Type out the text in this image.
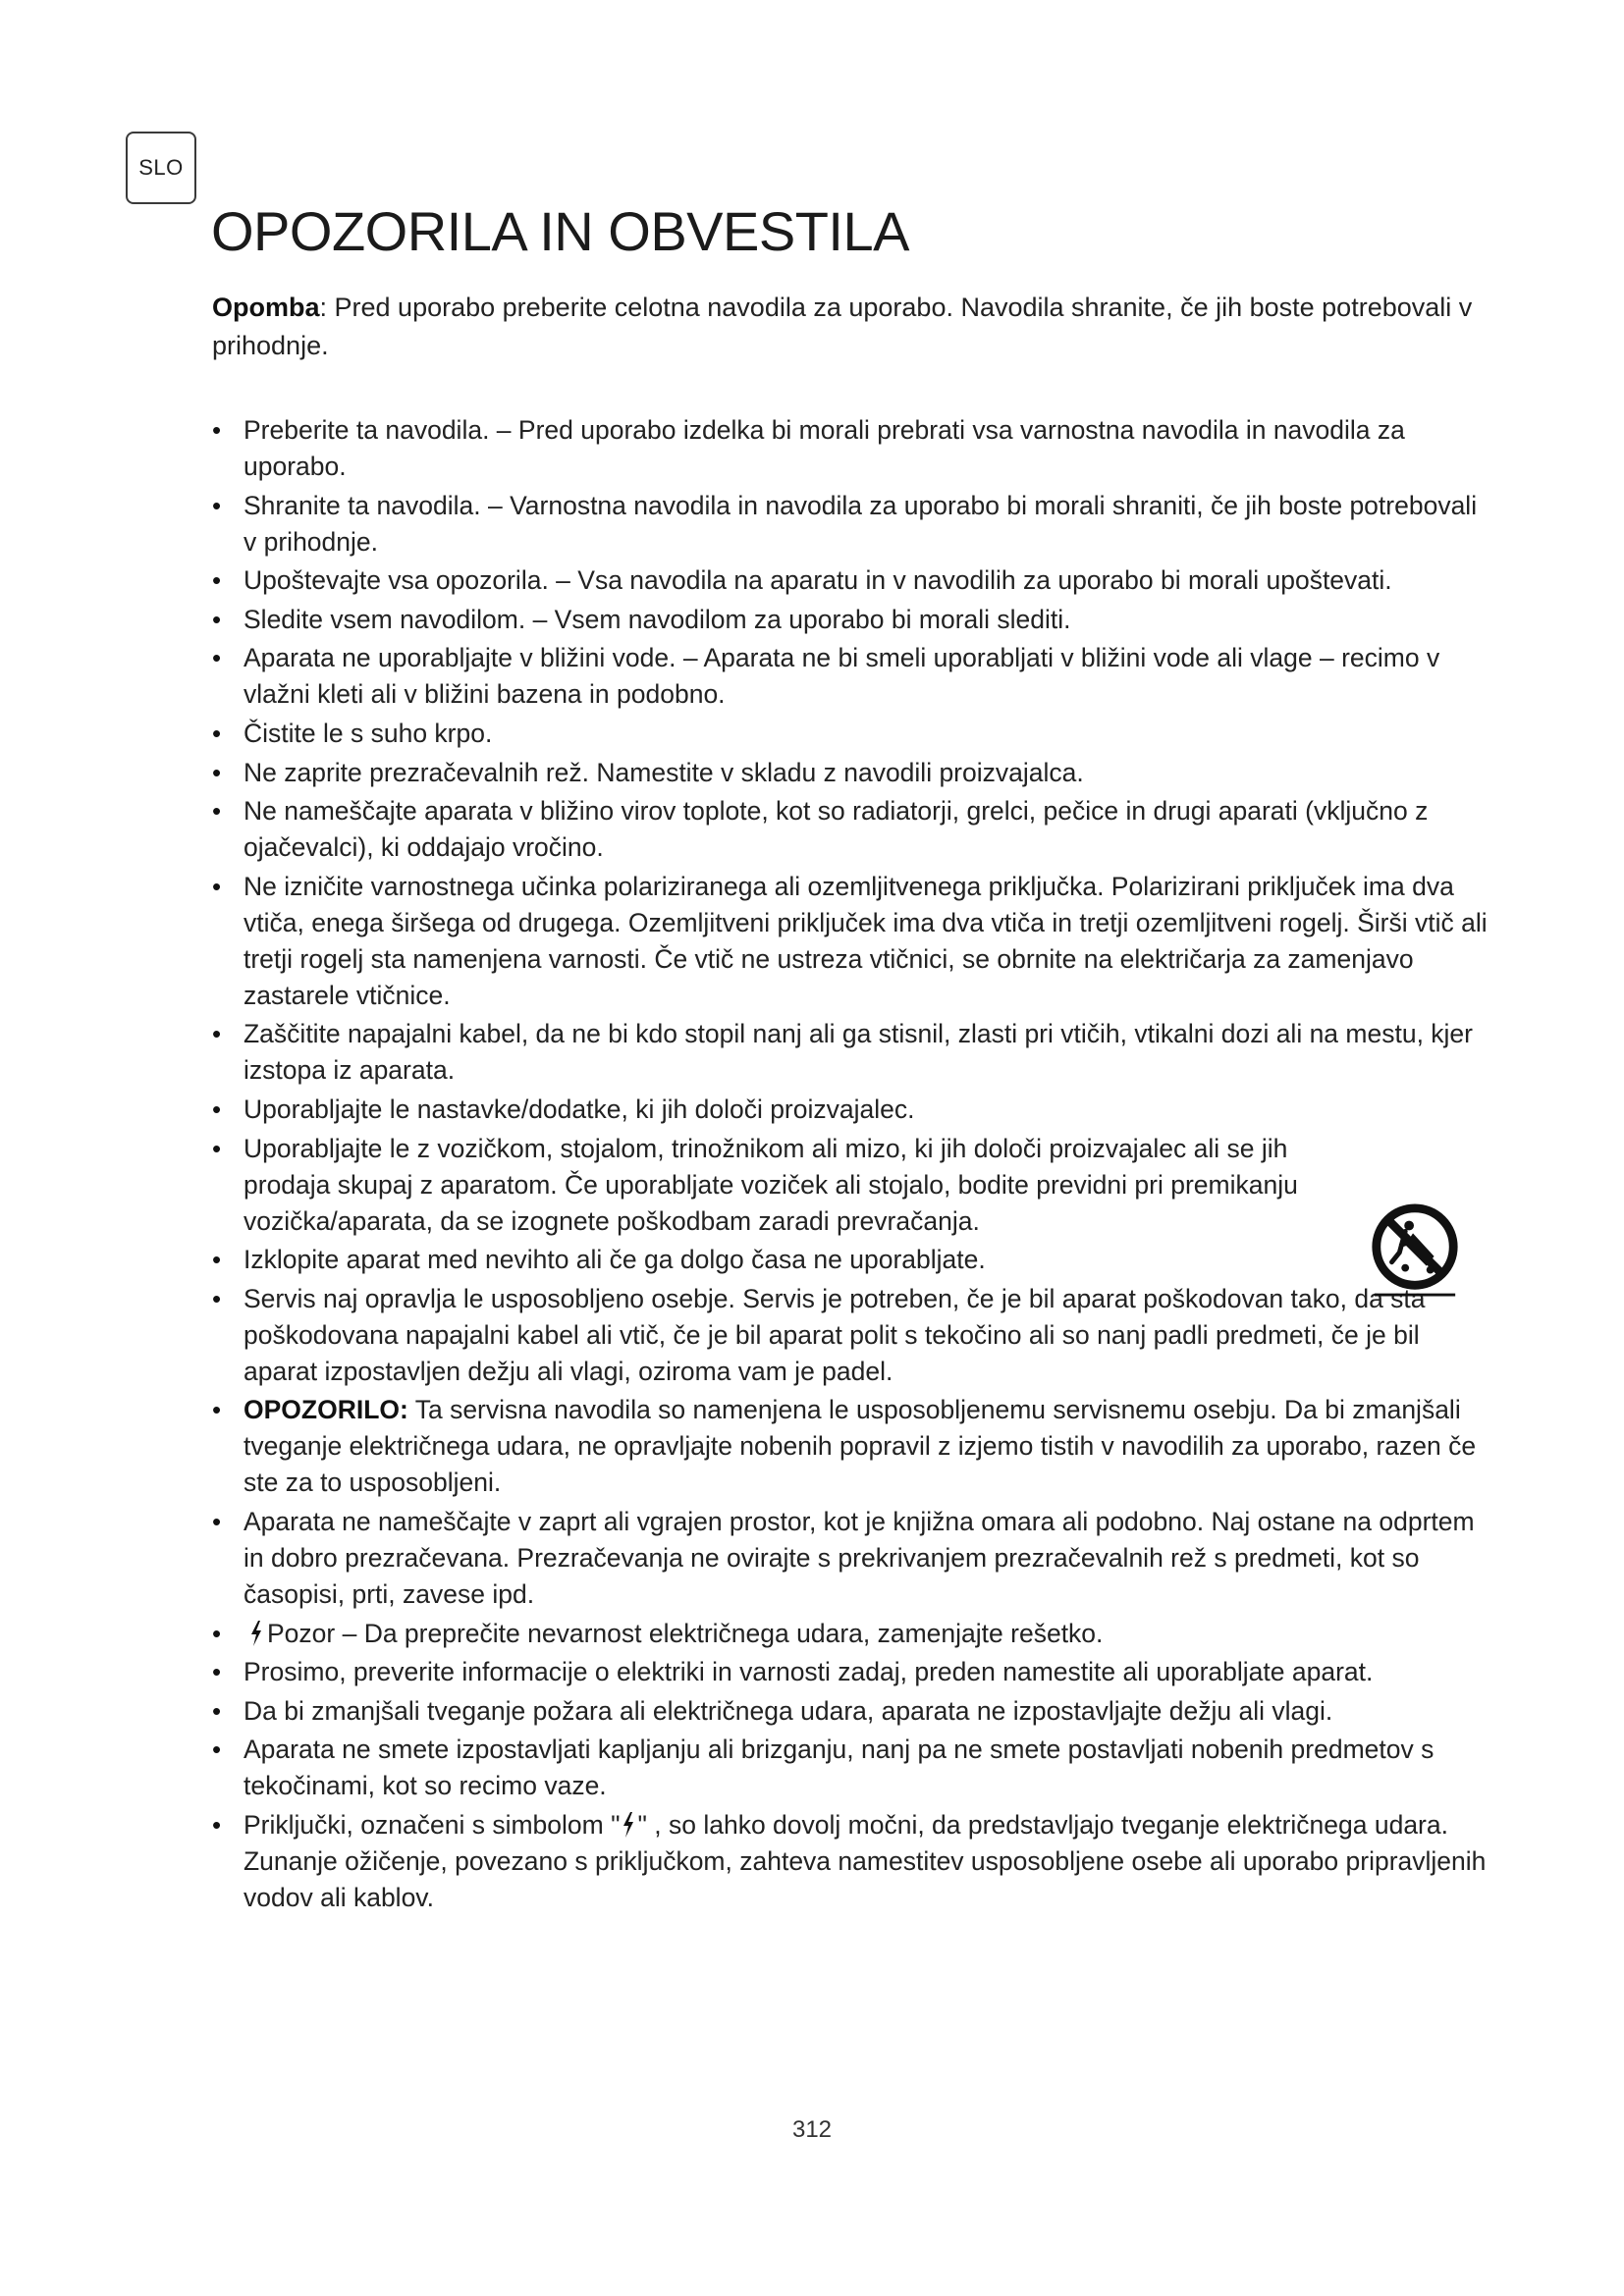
SLO
OPOZORILA IN OBVESTILA

Opomba: Pred uporabo preberite celotna navodila za uporabo. Navodila shranite, če jih boste potrebovali v prihodnje.

• Preberite ta navodila. – Pred uporabo izdelka bi morali prebrati vsa varnostna navodila in navodila za uporabo.
• Shranite ta navodila. – Varnostna navodila in navodila za uporabo bi morali shraniti, če jih boste potrebovali v prihodnje.
• Upoštevajte vsa opozorila. – Vsa navodila na aparatu in v navodilih za uporabo bi morali upoštevati.
• Sledite vsem navodilom. – Vsem navodilom za uporabo bi morali slediti.
• Aparata ne uporabljajte v bližini vode. – Aparata ne bi smeli uporabljati v bližini vode ali vlage – recimo v vlažni kleti ali v bližini bazena in podobno.
• Čistite le s suho krpo.
• Ne zaprite prezračevalnih rež. Namestite v skladu z navodili proizvajalca.
• Ne nameščajte aparata v bližino virov toplote, kot so radiatorji, grelci, pečice in drugi aparati (vključno z ojačevalci), ki oddajajo vročino.
• Ne izničite varnostnega učinka polariziranega ali ozemljitvenega priključka. Polarizirani priključek ima dva vtiča, enega širšega od drugega. Ozemljitveni priključek ima dva vtiča in tretji ozemljitveni rogelj. Širši vtič ali tretji rogelj sta namenjena varnosti. Če vtič ne ustreza vtičnici, se obrnite na električarja za zamenjavo zastarele vtičnice.
• Zaščitite napajalni kabel, da ne bi kdo stopil nanj ali ga stisnil, zlasti pri vtičih, vtikalni dozi ali na mestu, kjer izstopa iz aparata.
• Uporabljajte le nastavke/dodatke, ki jih določi proizvajalec.
• Uporabljajte le z vozičkom, stojalom, trinožnikom ali mizo, ki jih določi proizvajalec ali se jih prodaja skupaj z aparatom. Če uporabljate voziček ali stojalo, bodite previdni pri premikanju vozička/aparata, da se izognete poškodbam zaradi prevračanja.
• Izklopite aparat med nevihto ali če ga dolgo časa ne uporabljate.
• Servis naj opravlja le usposobljeno osebje. Servis je potreben, če je bil aparat poškodovan tako, da sta poškodovana napajalni kabel ali vtič, če je bil aparat polit s tekočino ali so nanj padli predmeti, če je bil aparat izpostavljen dežju ali vlagi, oziroma vam je padel.
• OPOZORILO: Ta servisna navodila so namenjena le usposobljenemu servisnemu osebju. Da bi zmanjšali tveganje električnega udara, ne opravljajte nobenih popravil z izjemo tistih v navodilih za uporabo, razen če ste za to usposobljeni.
• Aparata ne nameščajte v zaprt ali vgrajen prostor, kot je knjižna omara ali podobno. Naj ostane na odprtem in dobro prezračevana. Prezračevanja ne ovirajte s prekrivanjem prezračevalnih rež s predmeti, kot so časopisi, prti, zavese ipd.
• Pozor – Da preprečite nevarnost električnega udara, zamenjajte rešetko.
• Prosimo, preverite informacije o elektriki in varnosti zadaj, preden namestite ali uporabljate aparat.
• Da bi zmanjšali tveganje požara ali električnega udara, aparata ne izpostavljajte dežju ali vlagi.
• Aparata ne smete izpostavljati kapljanju ali brizganju, nanj pa ne smete postavljati nobenih predmetov s tekočinami, kot so recimo vaze.
• Priključki, označeni s simbolom " " , so lahko dovolj močni, da predstavljajo tveganje električnega udara. Zunanje ožičenje, povezano s priključkom, zahteva namestitev usposobljene osebe ali uporabo pripravljenih vodov ali kablov.
312
